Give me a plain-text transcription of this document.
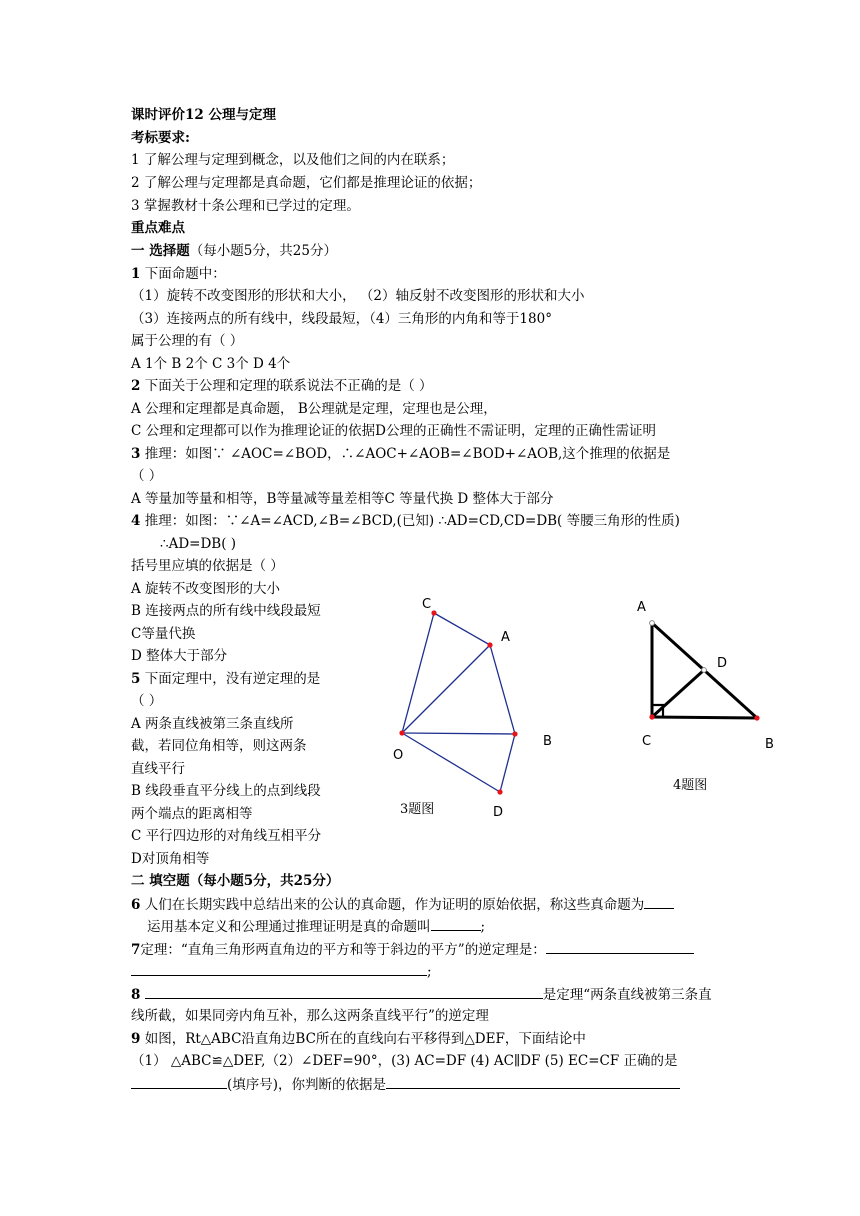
课时评价12 公理与定理
考标要求:
1 了解公理与定理到概念，以及他们之间的内在联系；
2 了解公理与定理都是真命题，它们都是推理论证的依据；
3 掌握教材十条公理和已学过的定理。
重点难点
一 选择题（每小题5分，共25分）
1 下面命题中：
（1）旋转不改变图形的形状和大小， （2）轴反射不改变图形的形状和大小
（3）连接两点的所有线中，线段最短，（4）三角形的内角和等于180°
属于公理的有（ ）
A 1个 B 2个 C 3个 D 4个
2 下面关于公理和定理的联系说法不正确的是（ ）
A 公理和定理都是真命题， B公理就是定理，定理也是公理，
C 公理和定理都可以作为推理论证的依据D公理的正确性不需证明，定理的正确性需证明
3 推理：如图∵ ∠AOC=∠BOD，∴∠AOC+∠AOB=∠BOD+∠AOB,这个推理的依据是
（ ）
A 等量加等量和相等，B等量减等量差相等C 等量代换 D 整体大于部分
4 推理：如图：∵∠A=∠ACD,∠B=∠BCD,(已知) ∴AD=CD,CD=DB( 等腰三角形的性质)
∴AD=DB( )
括号里应填的依据是（ ）
A 旋转不改变图形的大小
B 连接两点的所有线中线段最短
C等量代换
D 整体大于部分
5 下面定理中，没有逆定理的是
（ ）
A 两条直线被第三条直线所
截，若同位角相等，则这两条
直线平行
B 线段垂直平分线上的点到线段
两个端点的距离相等
C 平行四边形的对角线互相平分
D对顶角相等
二 填空题（每小题5分，共25分）
6 人们在长期实践中总结出来的公认的真命题，作为证明的原始依据，称这些真命题为
运用基本定义和公理通过推理证明是真的命题叫	;
7定理：“直角三角形两直角边的平方和等于斜边的平方”的逆定理是：
;
8	是定理“两条直线被第三条直
线所截，如果同旁内角互补，那么这两条直线平行”的逆定理
9 如图，Rt△ABC沿直角边BC所在的直线向右平移得到△DEF，下面结论中
（1） △ABC≌△DEF,（2）∠DEF=90°，(3) AC=DF (4) AC∥DF (5) EC=CF 正确的是
(填序号)，你判断的依据是
C
A
B
O
D
3题图
A
D
C	B
4题图
